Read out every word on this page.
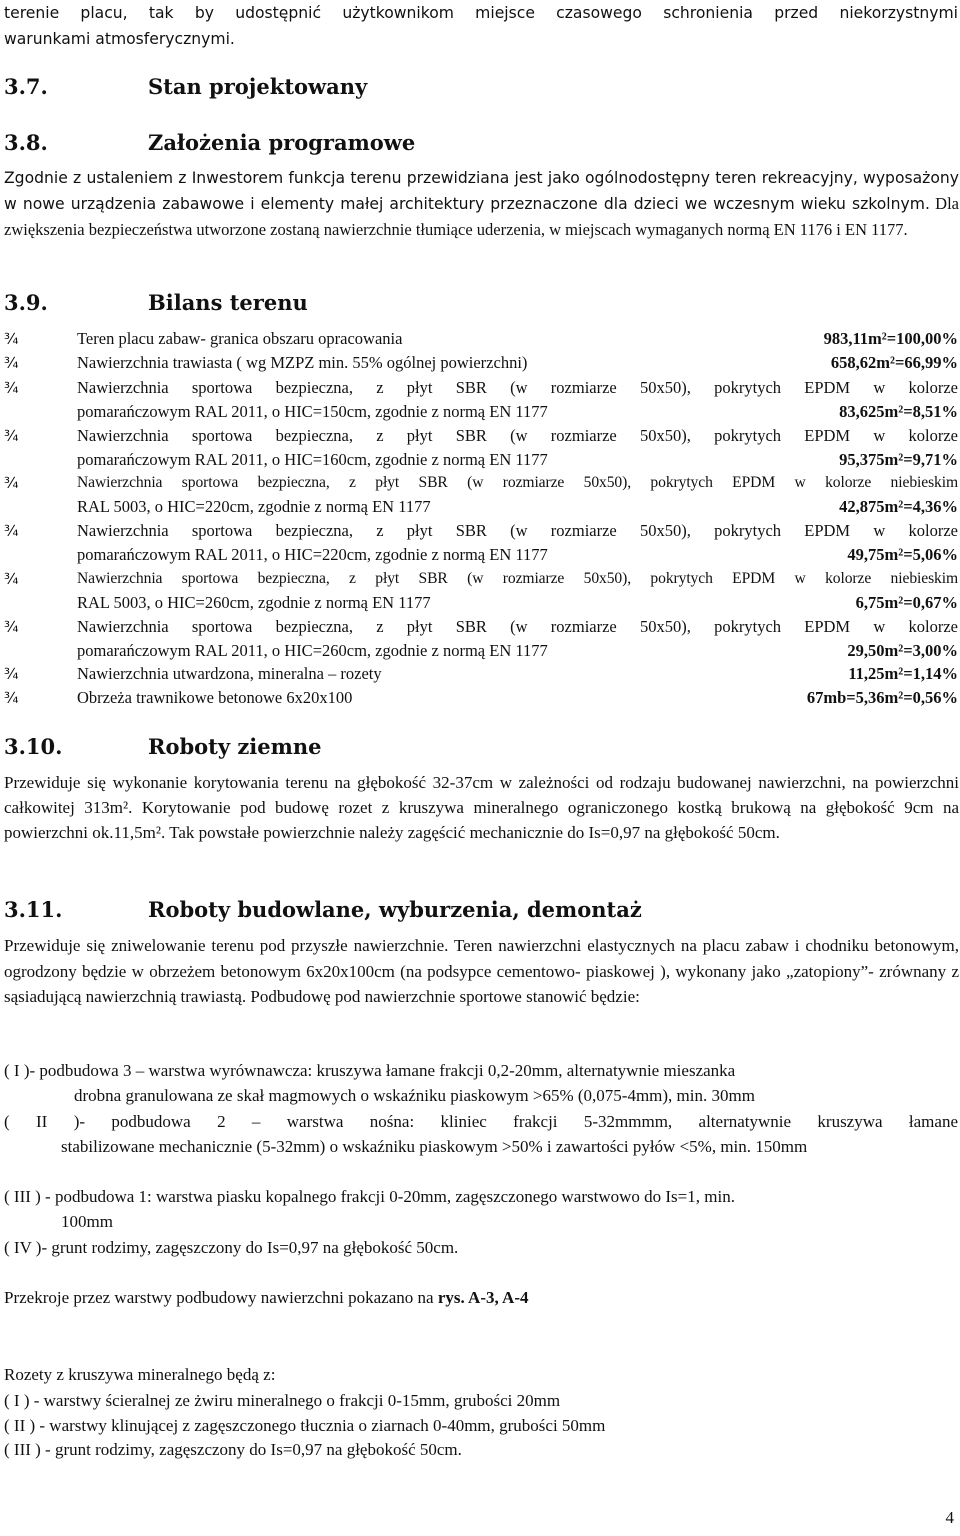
terenie placu, tak by udostępnić użytkownikom miejsce czasowego schronienia przed niekorzystnymi
warunkami atmosferycznymi.
3.7.	Stan projektowany
3.8.	Założenia programowe
Zgodnie z ustaleniem z Inwestorem funkcja terenu przewidziana jest jako ogólnodostępny teren rekreacyjny, wyposażony w nowe urządzenia zabawowe i elementy małej architektury przeznaczone dla dzieci we wczesnym wieku szkolnym. Dla zwiększenia bezpieczeństwa utworzone zostaną nawierzchnie tłumiące uderzenia, w miejscach wymaganych normą EN 1176 i EN 1177.
3.9.	Bilans terenu
¾	Teren placu zabaw- granica obszaru opracowania	983,11m²=100,00%
¾	Nawierzchnia trawiasta ( wg MZPZ min. 55% ogólnej powierzchni)	658,62m²=66,99%
¾	Nawierzchnia sportowa bezpieczna, z płyt SBR (w rozmiarze 50x50), pokrytych EPDM w kolorze
pomarańczowym RAL 2011, o HIC=150cm, zgodnie z normą EN 1177	83,625m²=8,51%
¾	Nawierzchnia sportowa bezpieczna, z płyt SBR (w rozmiarze 50x50), pokrytych EPDM w kolorze
pomarańczowym RAL 2011, o HIC=160cm, zgodnie z normą EN 1177	95,375m²=9,71%
¾	Nawierzchnia sportowa bezpieczna, z płyt SBR (w rozmiarze 50x50), pokrytych EPDM w kolorze niebieskim
RAL 5003, o HIC=220cm, zgodnie z normą EN 1177	42,875m²=4,36%
¾	Nawierzchnia sportowa bezpieczna, z płyt SBR (w rozmiarze 50x50), pokrytych EPDM w kolorze
pomarańczowym RAL 2011, o HIC=220cm, zgodnie z normą EN 1177	49,75m²=5,06%
¾	Nawierzchnia sportowa bezpieczna, z płyt SBR (w rozmiarze 50x50), pokrytych EPDM w kolorze niebieskim
RAL 5003, o HIC=260cm, zgodnie z normą EN 1177	6,75m²=0,67%
¾	Nawierzchnia sportowa bezpieczna, z płyt SBR (w rozmiarze 50x50), pokrytych EPDM w kolorze
pomarańczowym RAL 2011, o HIC=260cm, zgodnie z normą EN 1177	29,50m²=3,00%
¾	Nawierzchnia utwardzona, mineralna – rozety	11,25m²=1,14%
¾	Obrzeża trawnikowe betonowe 6x20x100	67mb=5,36m²=0,56%
3.10.	Roboty ziemne
Przewiduje się wykonanie korytowania terenu na głębokość 32-37cm w zależności od rodzaju budowanej nawierzchni, na powierzchni całkowitej 313m². Korytowanie pod budowę rozet z kruszywa mineralnego ograniczonego kostką brukową na głębokość 9cm na powierzchni ok.11,5m². Tak powstałe powierzchnie należy zagęścić mechanicznie do Is=0,97 na głębokość 50cm.
3.11.	Roboty budowlane, wyburzenia, demontaż
Przewiduje się zniwelowanie terenu pod przyszłe nawierzchnie. Teren nawierzchni elastycznych na placu zabaw i chodniku betonowym, ogrodzony będzie w obrzeżem betonowym 6x20x100cm (na podsypce cementowo- piaskowej ), wykonany jako „zatopiony”- zrównany z sąsiadującą nawierzchnią trawiastą. Podbudowę pod nawierzchnie sportowe stanowić będzie:
( I )- podbudowa 3 – warstwa wyrównawcza: kruszywa łamane frakcji 0,2-20mm, alternatywnie mieszanka
drobna granulowana ze skał magmowych o wskaźniku piaskowym >65% (0,075-4mm), min. 30mm
( II )- podbudowa 2 – warstwa nośna: kliniec frakcji 5-32mmmm, alternatywnie kruszywa łamane
stabilizowane mechanicznie (5-32mm) o wskaźniku piaskowym >50% i zawartości pyłów <5%, min. 150mm
( III ) - podbudowa 1: warstwa piasku kopalnego frakcji 0-20mm, zagęszczonego warstwowo do Is=1, min.
100mm
( IV )- grunt rodzimy, zagęszczony do Is=0,97 na głębokość 50cm.
Przekroje przez warstwy podbudowy nawierzchni pokazano na rys. A-3, A-4
Rozety z kruszywa mineralnego będą z:
( I ) - warstwy ścieralnej ze żwiru mineralnego o frakcji 0-15mm, grubości 20mm
( II ) - warstwy klinującej z zagęszczonego tłucznia o ziarnach 0-40mm, grubości 50mm
( III ) - grunt rodzimy, zagęszczony do Is=0,97 na głębokość 50cm.
4
